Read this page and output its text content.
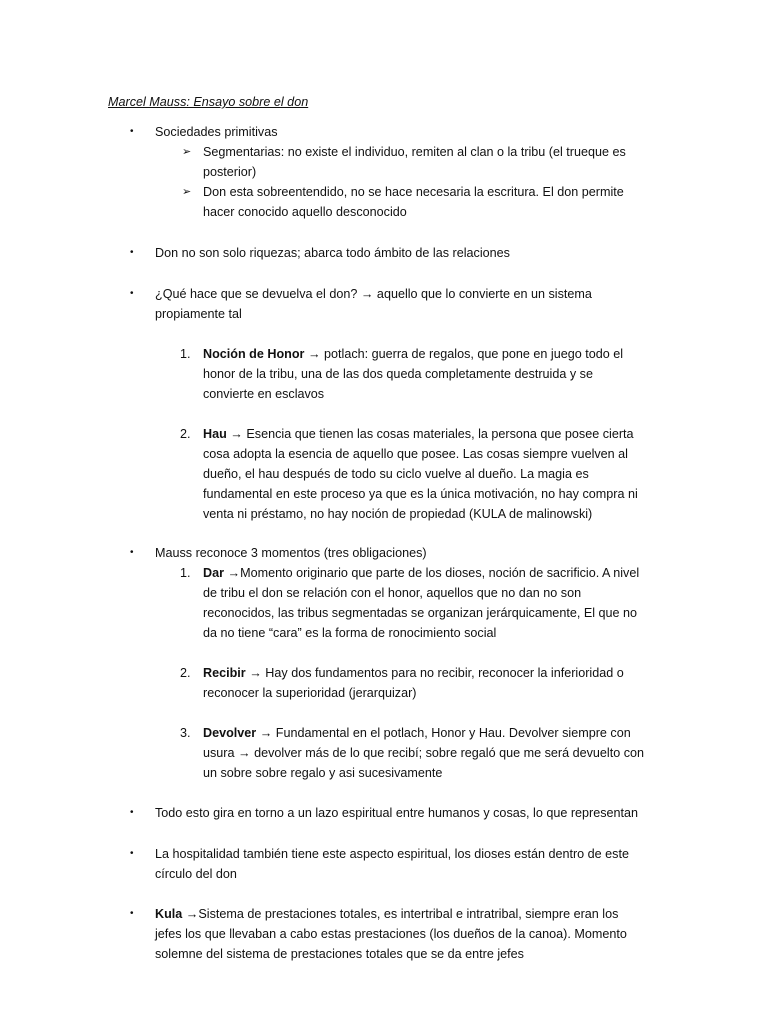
Marcel Mauss: Ensayo sobre el don
• Sociedades primitivas
➢ Segmentarias: no existe el individuo, remiten al clan o la tribu (el trueque es
posterior)
➢ Don esta sobreentendido, no se hace necesaria la escritura. El don permite
hacer conocido aquello desconocido
• Don no son solo riquezas; abarca todo ámbito de las relaciones
• ¿Qué hace que se devuelva el don? → aquello que lo convierte en un sistema
propiamente tal
1. Noción de Honor → potlach: guerra de regalos, que pone en juego todo el
honor de la tribu, una de las dos queda completamente destruida y se
convierte en esclavos
2. Hau → Esencia que tienen las cosas materiales, la persona que posee cierta
cosa adopta la esencia de aquello que posee. Las cosas siempre vuelven al
dueño, el hau después de todo su ciclo vuelve al dueño. La magia es
fundamental en este proceso ya que es la única motivación, no hay compra ni
venta ni préstamo, no hay noción de propiedad (KULA de malinowski)
• Mauss reconoce 3 momentos (tres obligaciones)
1. Dar →Momento originario que parte de los dioses, noción de sacrificio. A nivel
de tribu el don se relación con el honor, aquellos que no dan no son
reconocidos, las tribus segmentadas se organizan jerárquicamente, El que no
da no tiene “cara” es la forma de ronocimiento social
2. Recibir → Hay dos fundamentos para no recibir, reconocer la inferioridad o
reconocer la superioridad (jerarquizar)
3. Devolver → Fundamental en el potlach, Honor y Hau. Devolver siempre con
usura → devolver más de lo que recibí; sobre regaló que me será devuelto con
un sobre sobre regalo y asi sucesivamente
• Todo esto gira en torno a un lazo espiritual entre humanos y cosas, lo que representan
• La hospitalidad también tiene este aspecto espiritual, los dioses están dentro de este
círculo del don
• Kula →Sistema de prestaciones totales, es intertribal e intratribal, siempre eran los
jefes los que llevaban a cabo estas prestaciones (los dueños de la canoa). Momento
solemne del sistema de prestaciones totales que se da entre jefes
